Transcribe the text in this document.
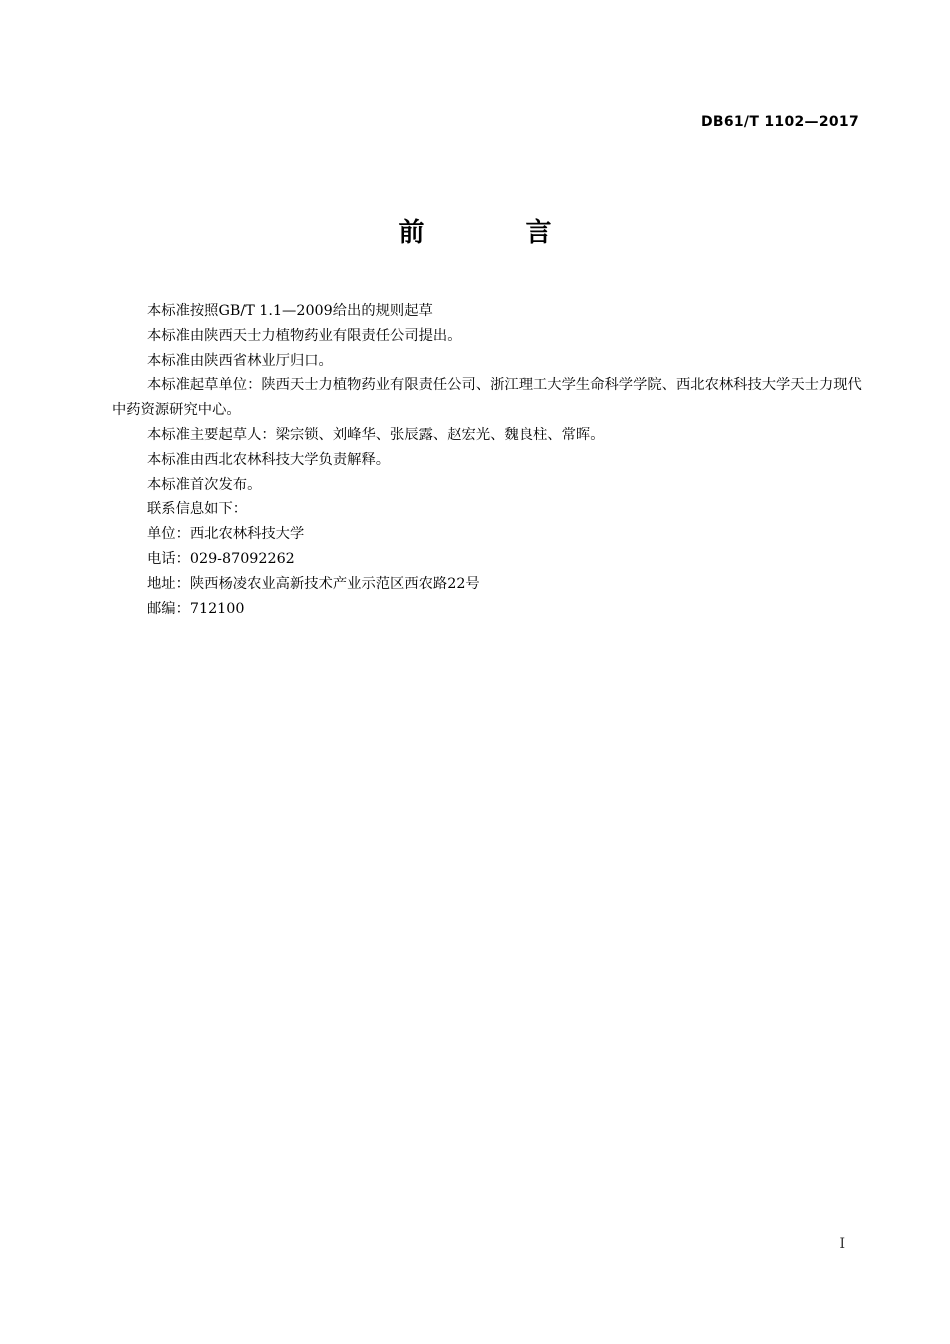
DB61/T 1102—2017
前 言

本标准按照GB/T 1.1—2009给出的规则起草

本标准由陕西天士力植物药业有限责任公司提出。

本标准由陕西省林业厅归口。

本标准起草单位：陕西天士力植物药业有限责任公司、浙江理工大学生命科学学院、西北农林科技大学天士力现代中药资源研究中心。

本标准主要起草人：梁宗锁、刘峰华、张辰露、赵宏光、魏良柱、常晖。

本标准由西北农林科技大学负责解释。

本标准首次发布。

联系信息如下：

单位：西北农林科技大学

电话：029-87092262

地址：陕西杨凌农业高新技术产业示范区西农路22号

邮编：712100

I
